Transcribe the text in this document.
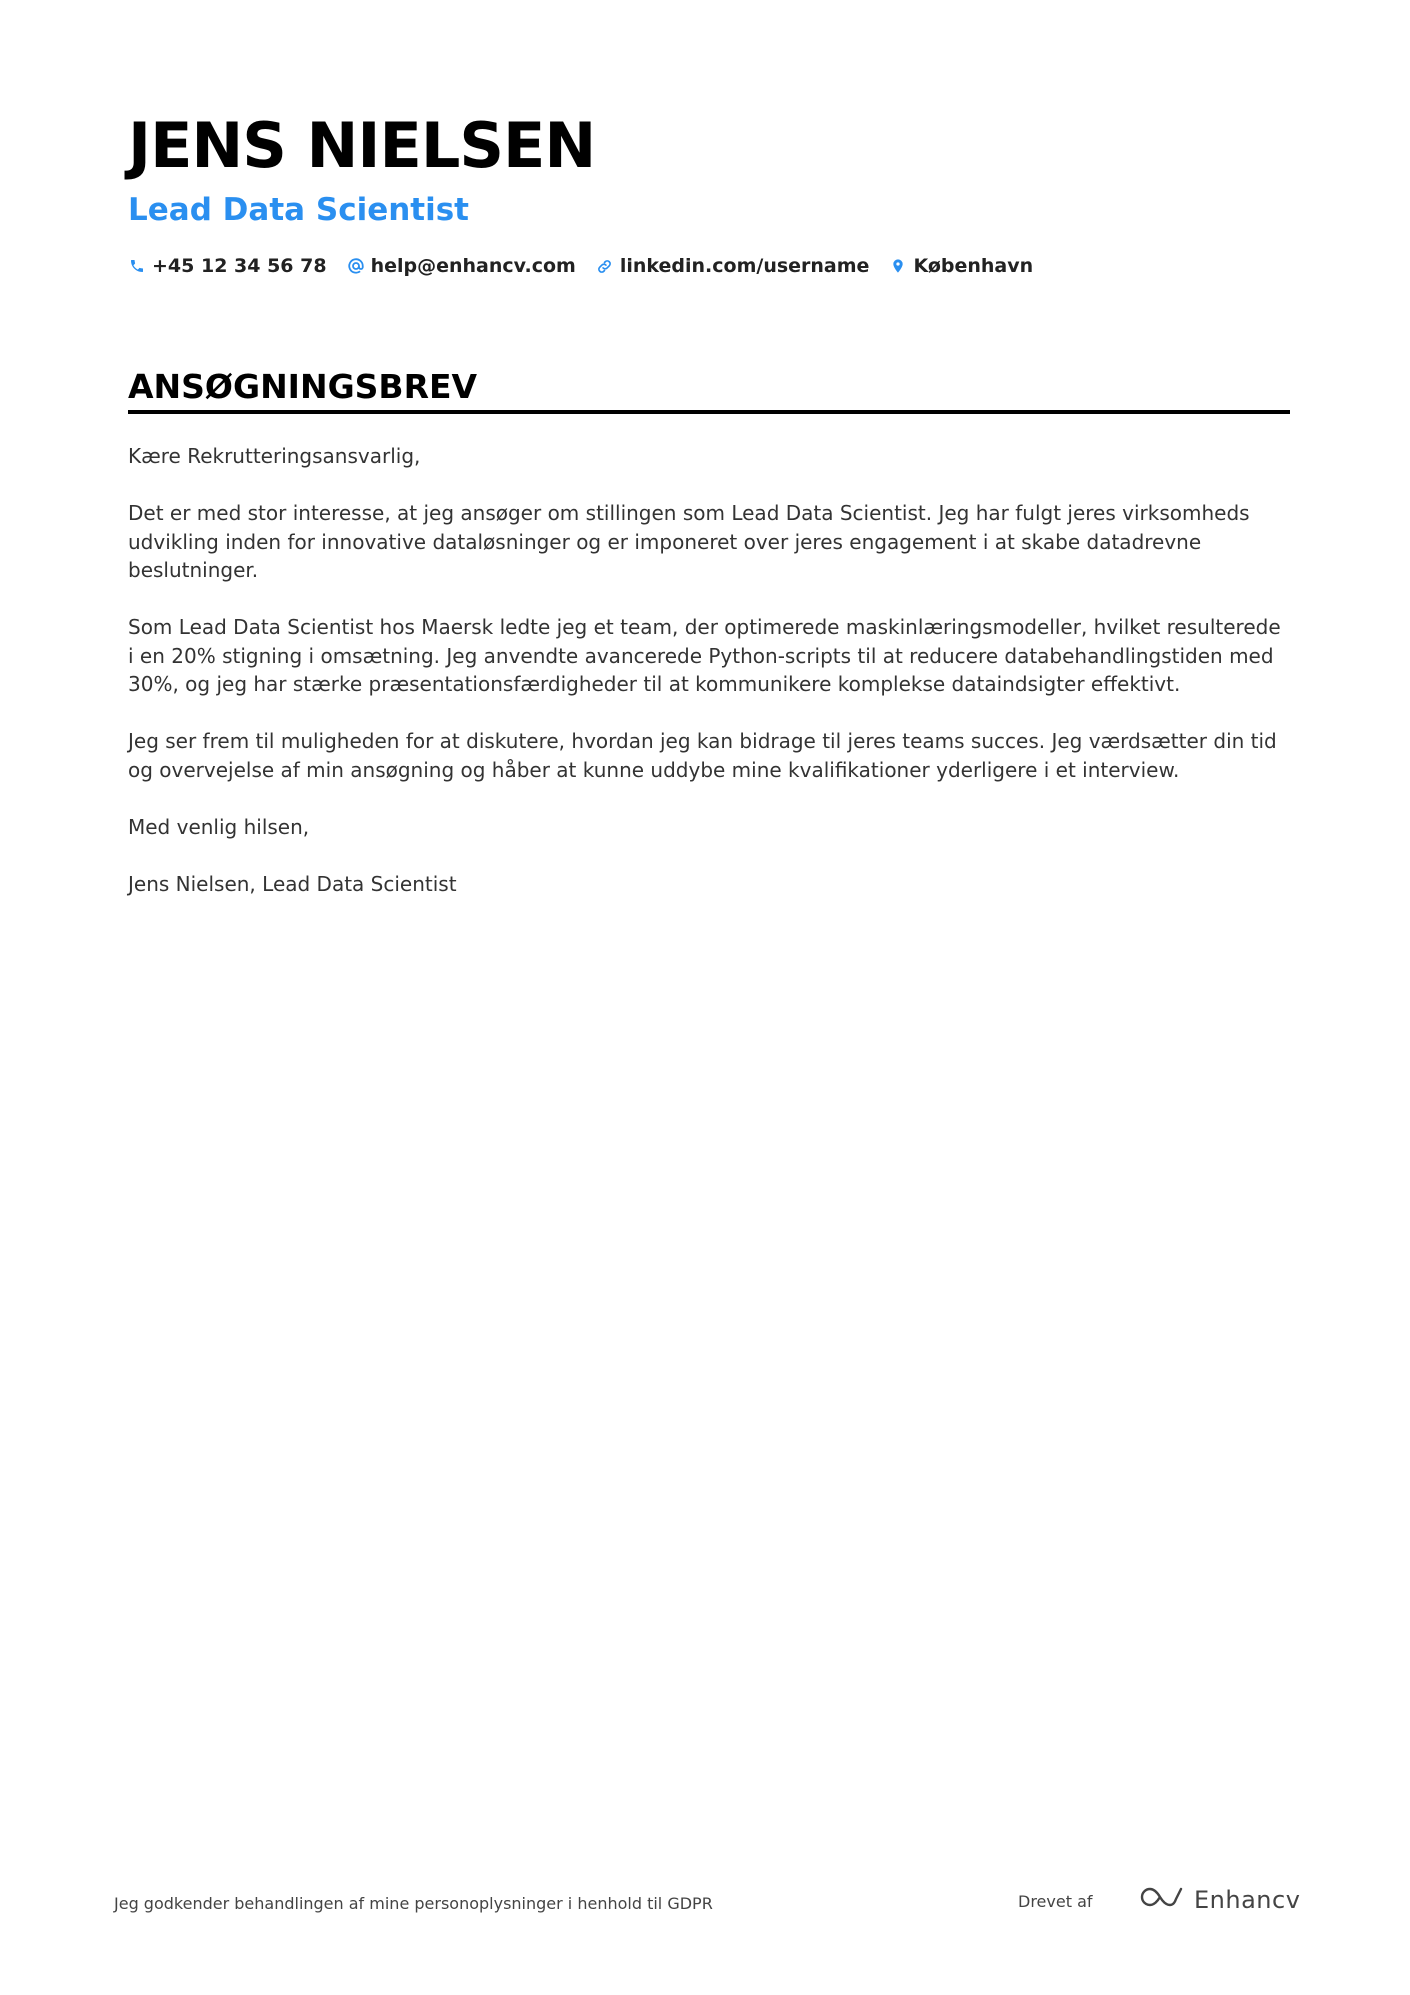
JENS NIELSEN
Lead Data Scientist
+45 12 34 56 78 help@enhancv.com linkedin.com/username København
ANSØGNINGSBREV

Kære Rekrutteringsansvarlig,

Det er med stor interesse, at jeg ansøger om stillingen som Lead Data Scientist. Jeg har fulgt jeres virksomheds udvikling inden for innovative dataløsninger og er imponeret over jeres engagement i at skabe datadrevne beslutninger.

Som Lead Data Scientist hos Maersk ledte jeg et team, der optimerede maskinlæringsmodeller, hvilket resulterede i en 20% stigning i omsætning. Jeg anvendte avancerede Python-scripts til at reducere databehandlingstiden med 30%, og jeg har stærke præsentationsfærdigheder til at kommunikere komplekse dataindsigter effektivt.

Jeg ser frem til muligheden for at diskutere, hvordan jeg kan bidrage til jeres teams succes. Jeg værdsætter din tid og overvejelse af min ansøgning og håber at kunne uddybe mine kvalifikationer yderligere i et interview.

Med venlig hilsen,

Jens Nielsen, Lead Data Scientist

Jeg godkender behandlingen af mine personoplysninger i henhold til GDPR	Drevet af	Enhancv
